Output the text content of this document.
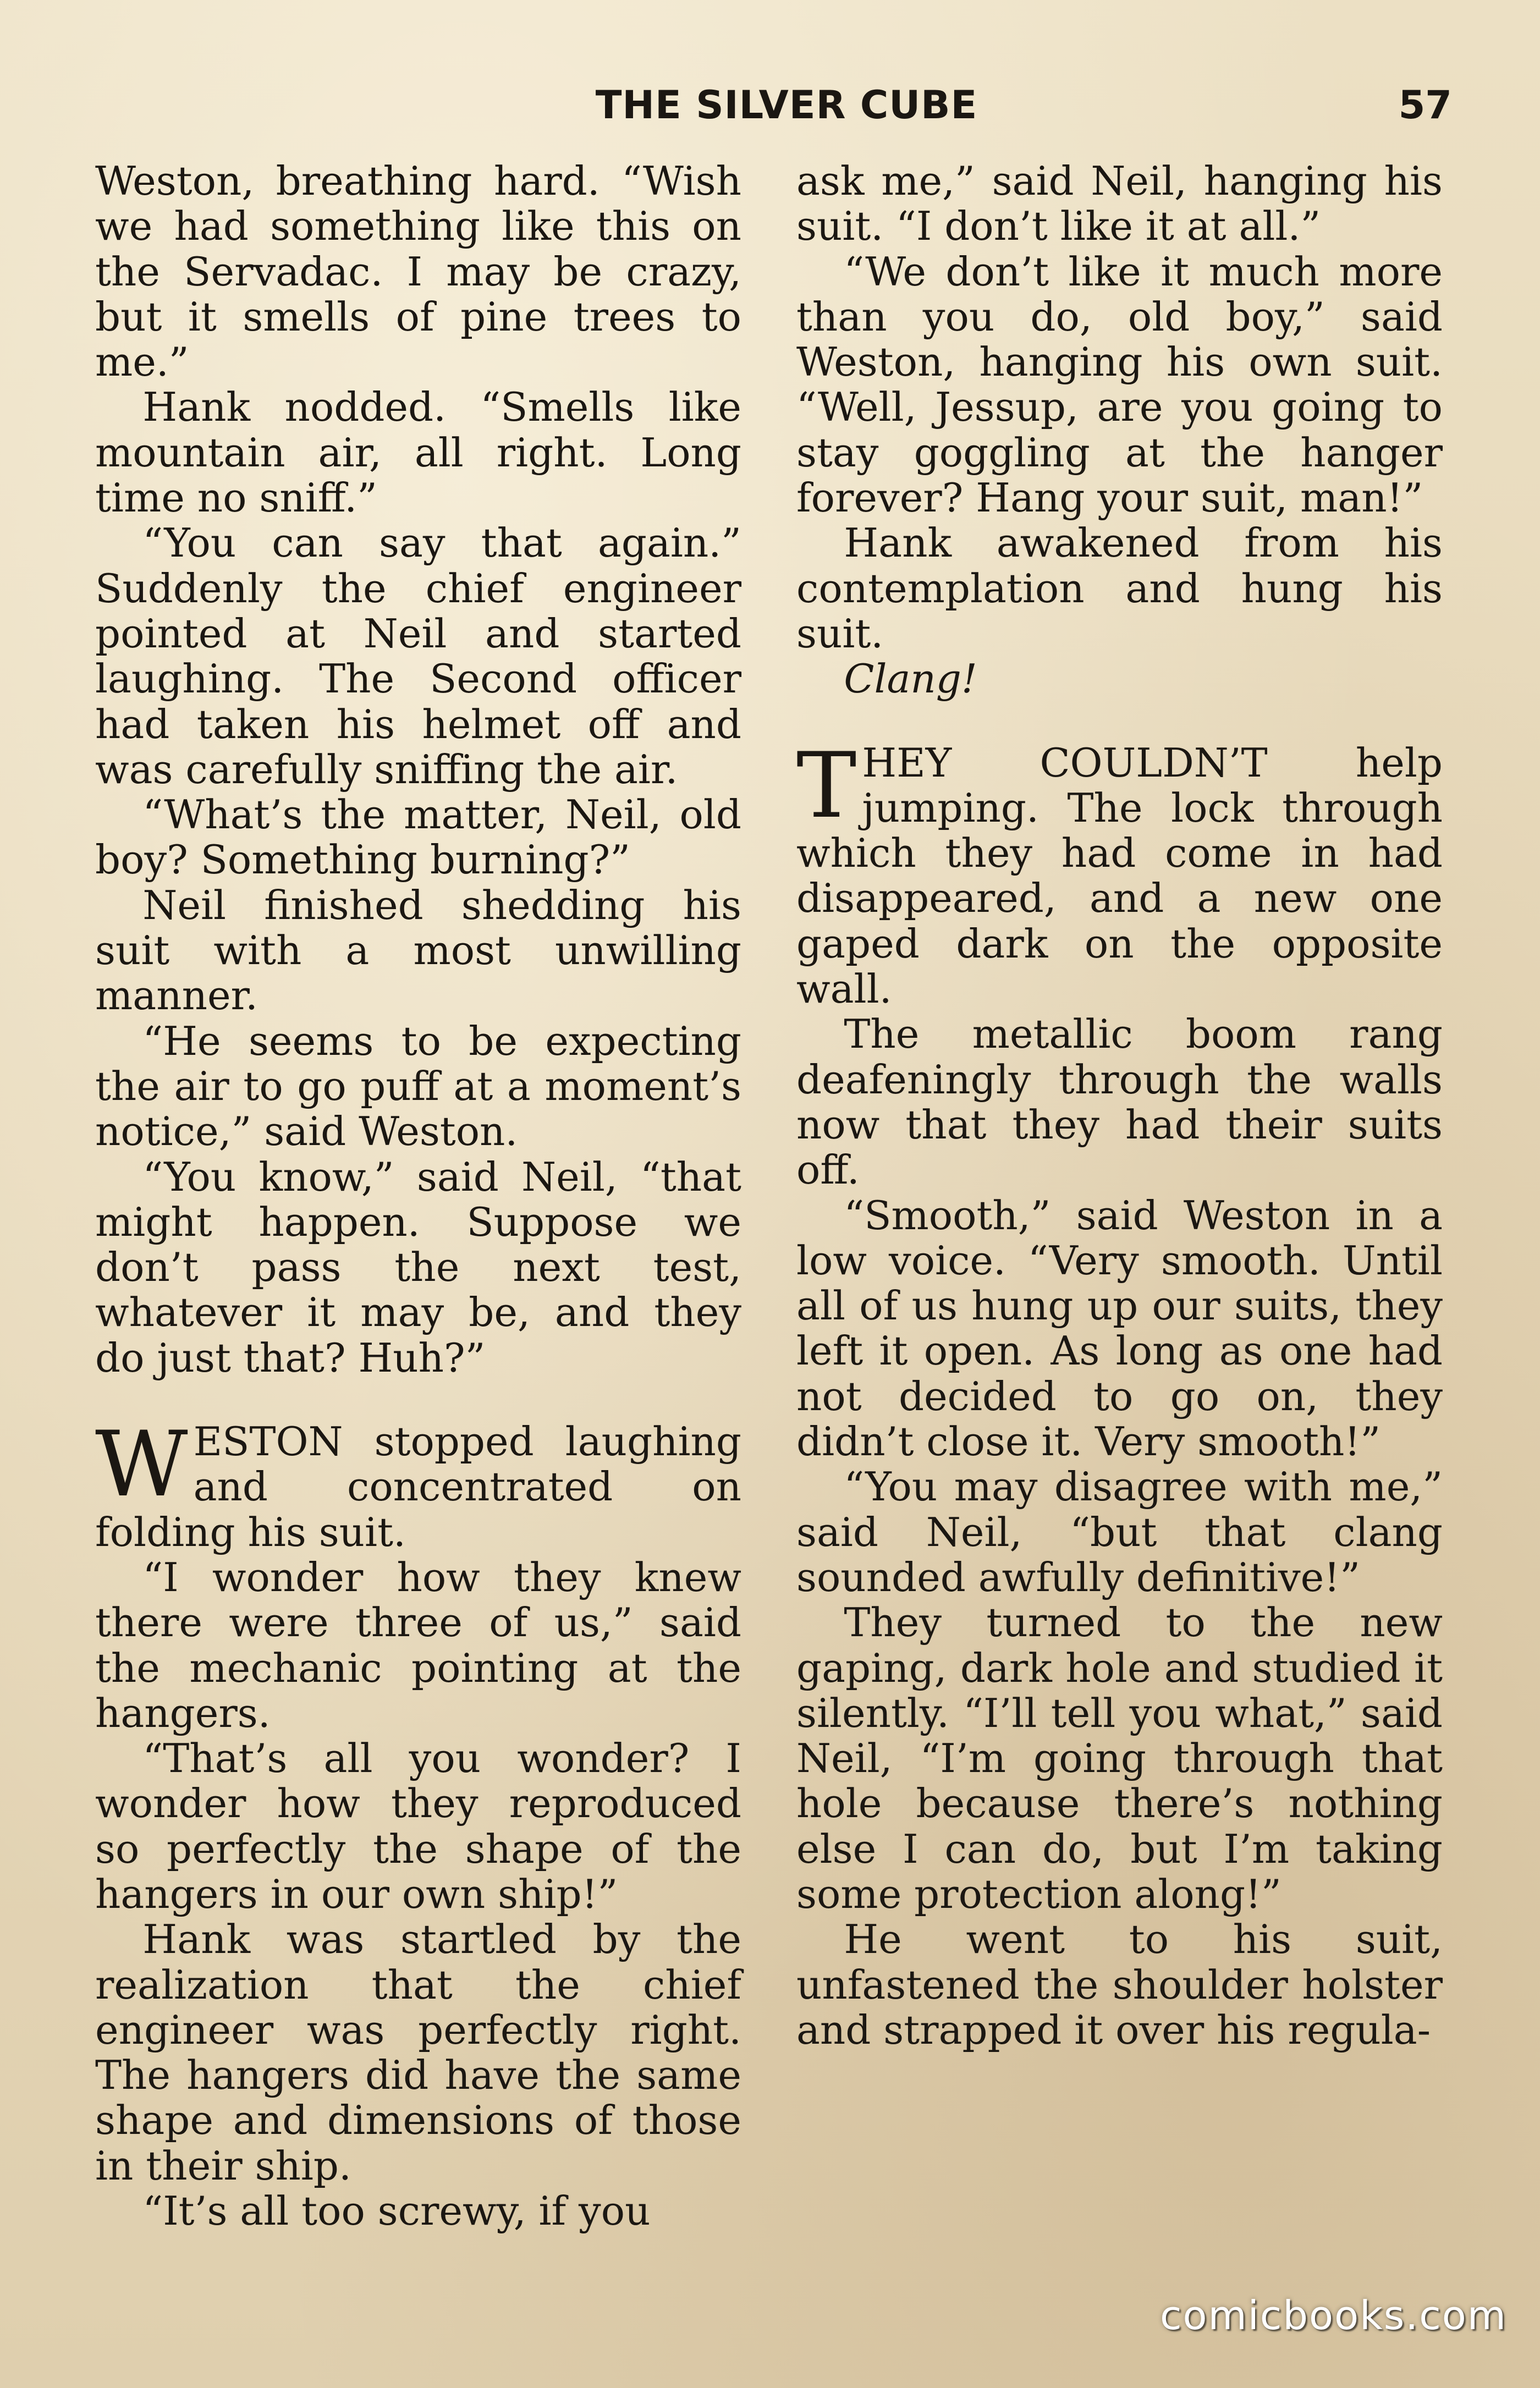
THE SILVER CUBE	57

Weston, breathing hard. “Wish we had something like this on the Servadac. I may be crazy, but it smells of pine trees to me.”

Hank nodded. “Smells like mountain air, all right. Long time no sniff.”

“You can say that again.” Suddenly the chief engineer pointed at Neil and started laughing. The Second officer had taken his helmet off and was carefully sniffing the air.

“What’s the matter, Neil, old boy? Something burning?”

Neil finished shedding his suit with a most unwilling manner.

“He seems to be expecting the air to go puff at a moment’s notice,” said Weston.

“You know,” said Neil, “that might happen. Suppose we don’t pass the next test, whatever it may be, and they do just that? Huh?”

WESTON stopped laughing and concentrated on folding his suit.

“I wonder how they knew there were three of us,” said the mechanic pointing at the hangers.

“That’s all you wonder? I wonder how they reproduced so perfectly the shape of the hangers in our own ship!”

Hank was startled by the realization that the chief engineer was perfectly right. The hangers did have the same shape and dimensions of those in their ship.

“It’s all too screwy, if you

ask me,” said Neil, hanging his suit. “I don’t like it at all.”

“We don’t like it much more than you do, old boy,” said Weston, hanging his own suit. “Well, Jessup, are you going to stay goggling at the hanger forever? Hang your suit, man!”

Hank awakened from his contemplation and hung his suit.

Clang!

THEY COULDN’T help jumping. The lock through which they had come in had disappeared, and a new one gaped dark on the opposite wall.

The metallic boom rang deafeningly through the walls now that they had their suits off.

“Smooth,” said Weston in a low voice. “Very smooth. Until all of us hung up our suits, they left it open. As long as one had not decided to go on, they didn’t close it. Very smooth!”

“You may disagree with me,” said Neil, “but that clang sounded awfully definitive!”

They turned to the new gaping, dark hole and studied it silently. “I’ll tell you what,” said Neil, “I’m going through that hole because there’s nothing else I can do, but I’m taking some protection along!”

He went to his suit, unfastened the shoulder holster and strapped it over his regula-

comicbooks.com
